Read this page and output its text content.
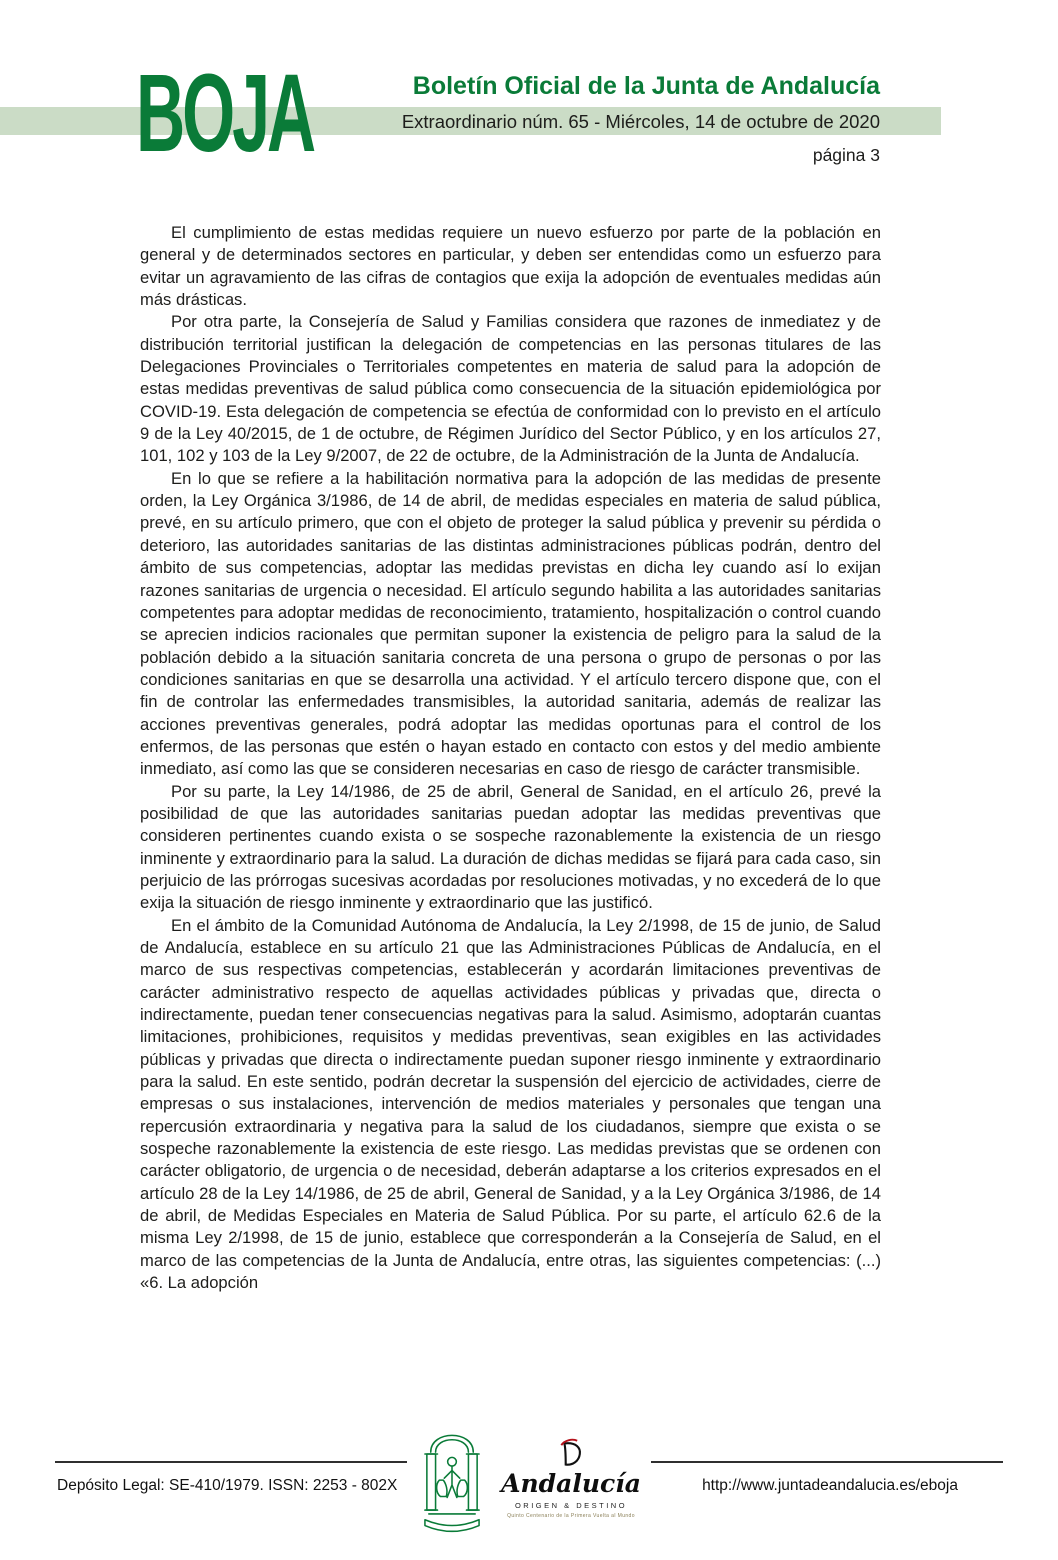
BOJA	Boletín Oficial de la Junta de Andalucía
Extraordinario núm. 65 - Miércoles, 14 de octubre de 2020
página 3

El cumplimiento de estas medidas requiere un nuevo esfuerzo por parte de la población en general y de determinados sectores en particular, y deben ser entendidas como un esfuerzo para evitar un agravamiento de las cifras de contagios que exija la adopción de eventuales medidas aún más drásticas.

Por otra parte, la Consejería de Salud y Familias considera que razones de inmediatez y de distribución territorial justifican la delegación de competencias en las personas titulares de las Delegaciones Provinciales o Territoriales competentes en materia de salud para la adopción de estas medidas preventivas de salud pública como consecuencia de la situación epidemiológica por COVID-19. Esta delegación de competencia se efectúa de conformidad con lo previsto en el artículo 9 de la Ley 40/2015, de 1 de octubre, de Régimen Jurídico del Sector Público, y en los artículos 27, 101, 102 y 103 de la Ley 9/2007, de 22 de octubre, de la Administración de la Junta de Andalucía.

En lo que se refiere a la habilitación normativa para la adopción de las medidas de presente orden, la Ley Orgánica 3/1986, de 14 de abril, de medidas especiales en materia de salud pública, prevé, en su artículo primero, que con el objeto de proteger la salud pública y prevenir su pérdida o deterioro, las autoridades sanitarias de las distintas administraciones públicas podrán, dentro del ámbito de sus competencias, adoptar las medidas previstas en dicha ley cuando así lo exijan razones sanitarias de urgencia o necesidad. El artículo segundo habilita a las autoridades sanitarias competentes para adoptar medidas de reconocimiento, tratamiento, hospitalización o control cuando se aprecien indicios racionales que permitan suponer la existencia de peligro para la salud de la población debido a la situación sanitaria concreta de una persona o grupo de personas o por las condiciones sanitarias en que se desarrolla una actividad. Y el artículo tercero dispone que, con el fin de controlar las enfermedades transmisibles, la autoridad sanitaria, además de realizar las acciones preventivas generales, podrá adoptar las medidas oportunas para el control de los enfermos, de las personas que estén o hayan estado en contacto con estos y del medio ambiente inmediato, así como las que se consideren necesarias en caso de riesgo de carácter transmisible.

Por su parte, la Ley 14/1986, de 25 de abril, General de Sanidad, en el artículo 26, prevé la posibilidad de que las autoridades sanitarias puedan adoptar las medidas preventivas que consideren pertinentes cuando exista o se sospeche razonablemente la existencia de un riesgo inminente y extraordinario para la salud. La duración de dichas medidas se fijará para cada caso, sin perjuicio de las prórrogas sucesivas acordadas por resoluciones motivadas, y no excederá de lo que exija la situación de riesgo inminente y extraordinario que las justificó.

En el ámbito de la Comunidad Autónoma de Andalucía, la Ley 2/1998, de 15 de junio, de Salud de Andalucía, establece en su artículo 21 que las Administraciones Públicas de Andalucía, en el marco de sus respectivas competencias, establecerán y acordarán limitaciones preventivas de carácter administrativo respecto de aquellas actividades públicas y privadas que, directa o indirectamente, puedan tener consecuencias negativas para la salud. Asimismo, adoptarán cuantas limitaciones, prohibiciones, requisitos y medidas preventivas, sean exigibles en las actividades públicas y privadas que directa o indirectamente puedan suponer riesgo inminente y extraordinario para la salud. En este sentido, podrán decretar la suspensión del ejercicio de actividades, cierre de empresas o sus instalaciones, intervención de medios materiales y personales que tengan una repercusión extraordinaria y negativa para la salud de los ciudadanos, siempre que exista o se sospeche razonablemente la existencia de este riesgo. Las medidas previstas que se ordenen con carácter obligatorio, de urgencia o de necesidad, deberán adaptarse a los criterios expresados en el artículo 28 de la Ley 14/1986, de 25 de abril, General de Sanidad, y a la Ley Orgánica 3/1986, de 14 de abril, de Medidas Especiales en Materia de Salud Pública. Por su parte, el artículo 62.6 de la misma Ley 2/1998, de 15 de junio, establece que corresponderán a la Consejería de Salud, en el marco de las competencias de la Junta de Andalucía, entre otras, las siguientes competencias: (...) «6. La adopción

Depósito Legal: SE-410/1979. ISSN: 2253 - 802X	Andalucía
ORIGEN & DESTINO
Quinto Centenario de la Primera Vuelta al Mundo
http://www.juntadeandalucia.es/eboja
